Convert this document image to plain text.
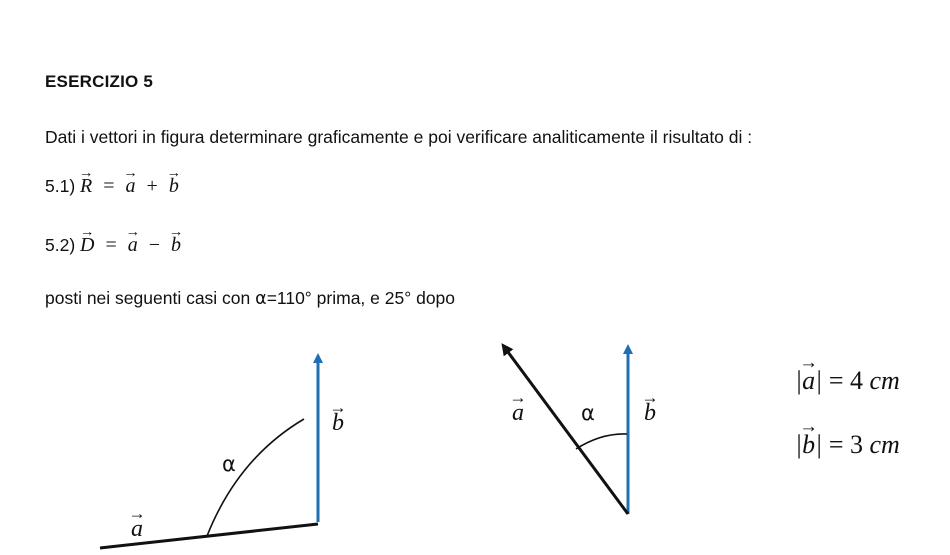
ESERCIZIO 5
Dati i vettori in figura determinare graficamente e poi verificare analiticamente il risultato di :
5.1) → R = → a + → b
5.2) → D = → a − → b
posti nei seguenti casi con α=110° prima, e 25° dopo
→ b
α
→ a
→ a	α → b
|→ a| = 4 cm
|→ b| = 3 cm
